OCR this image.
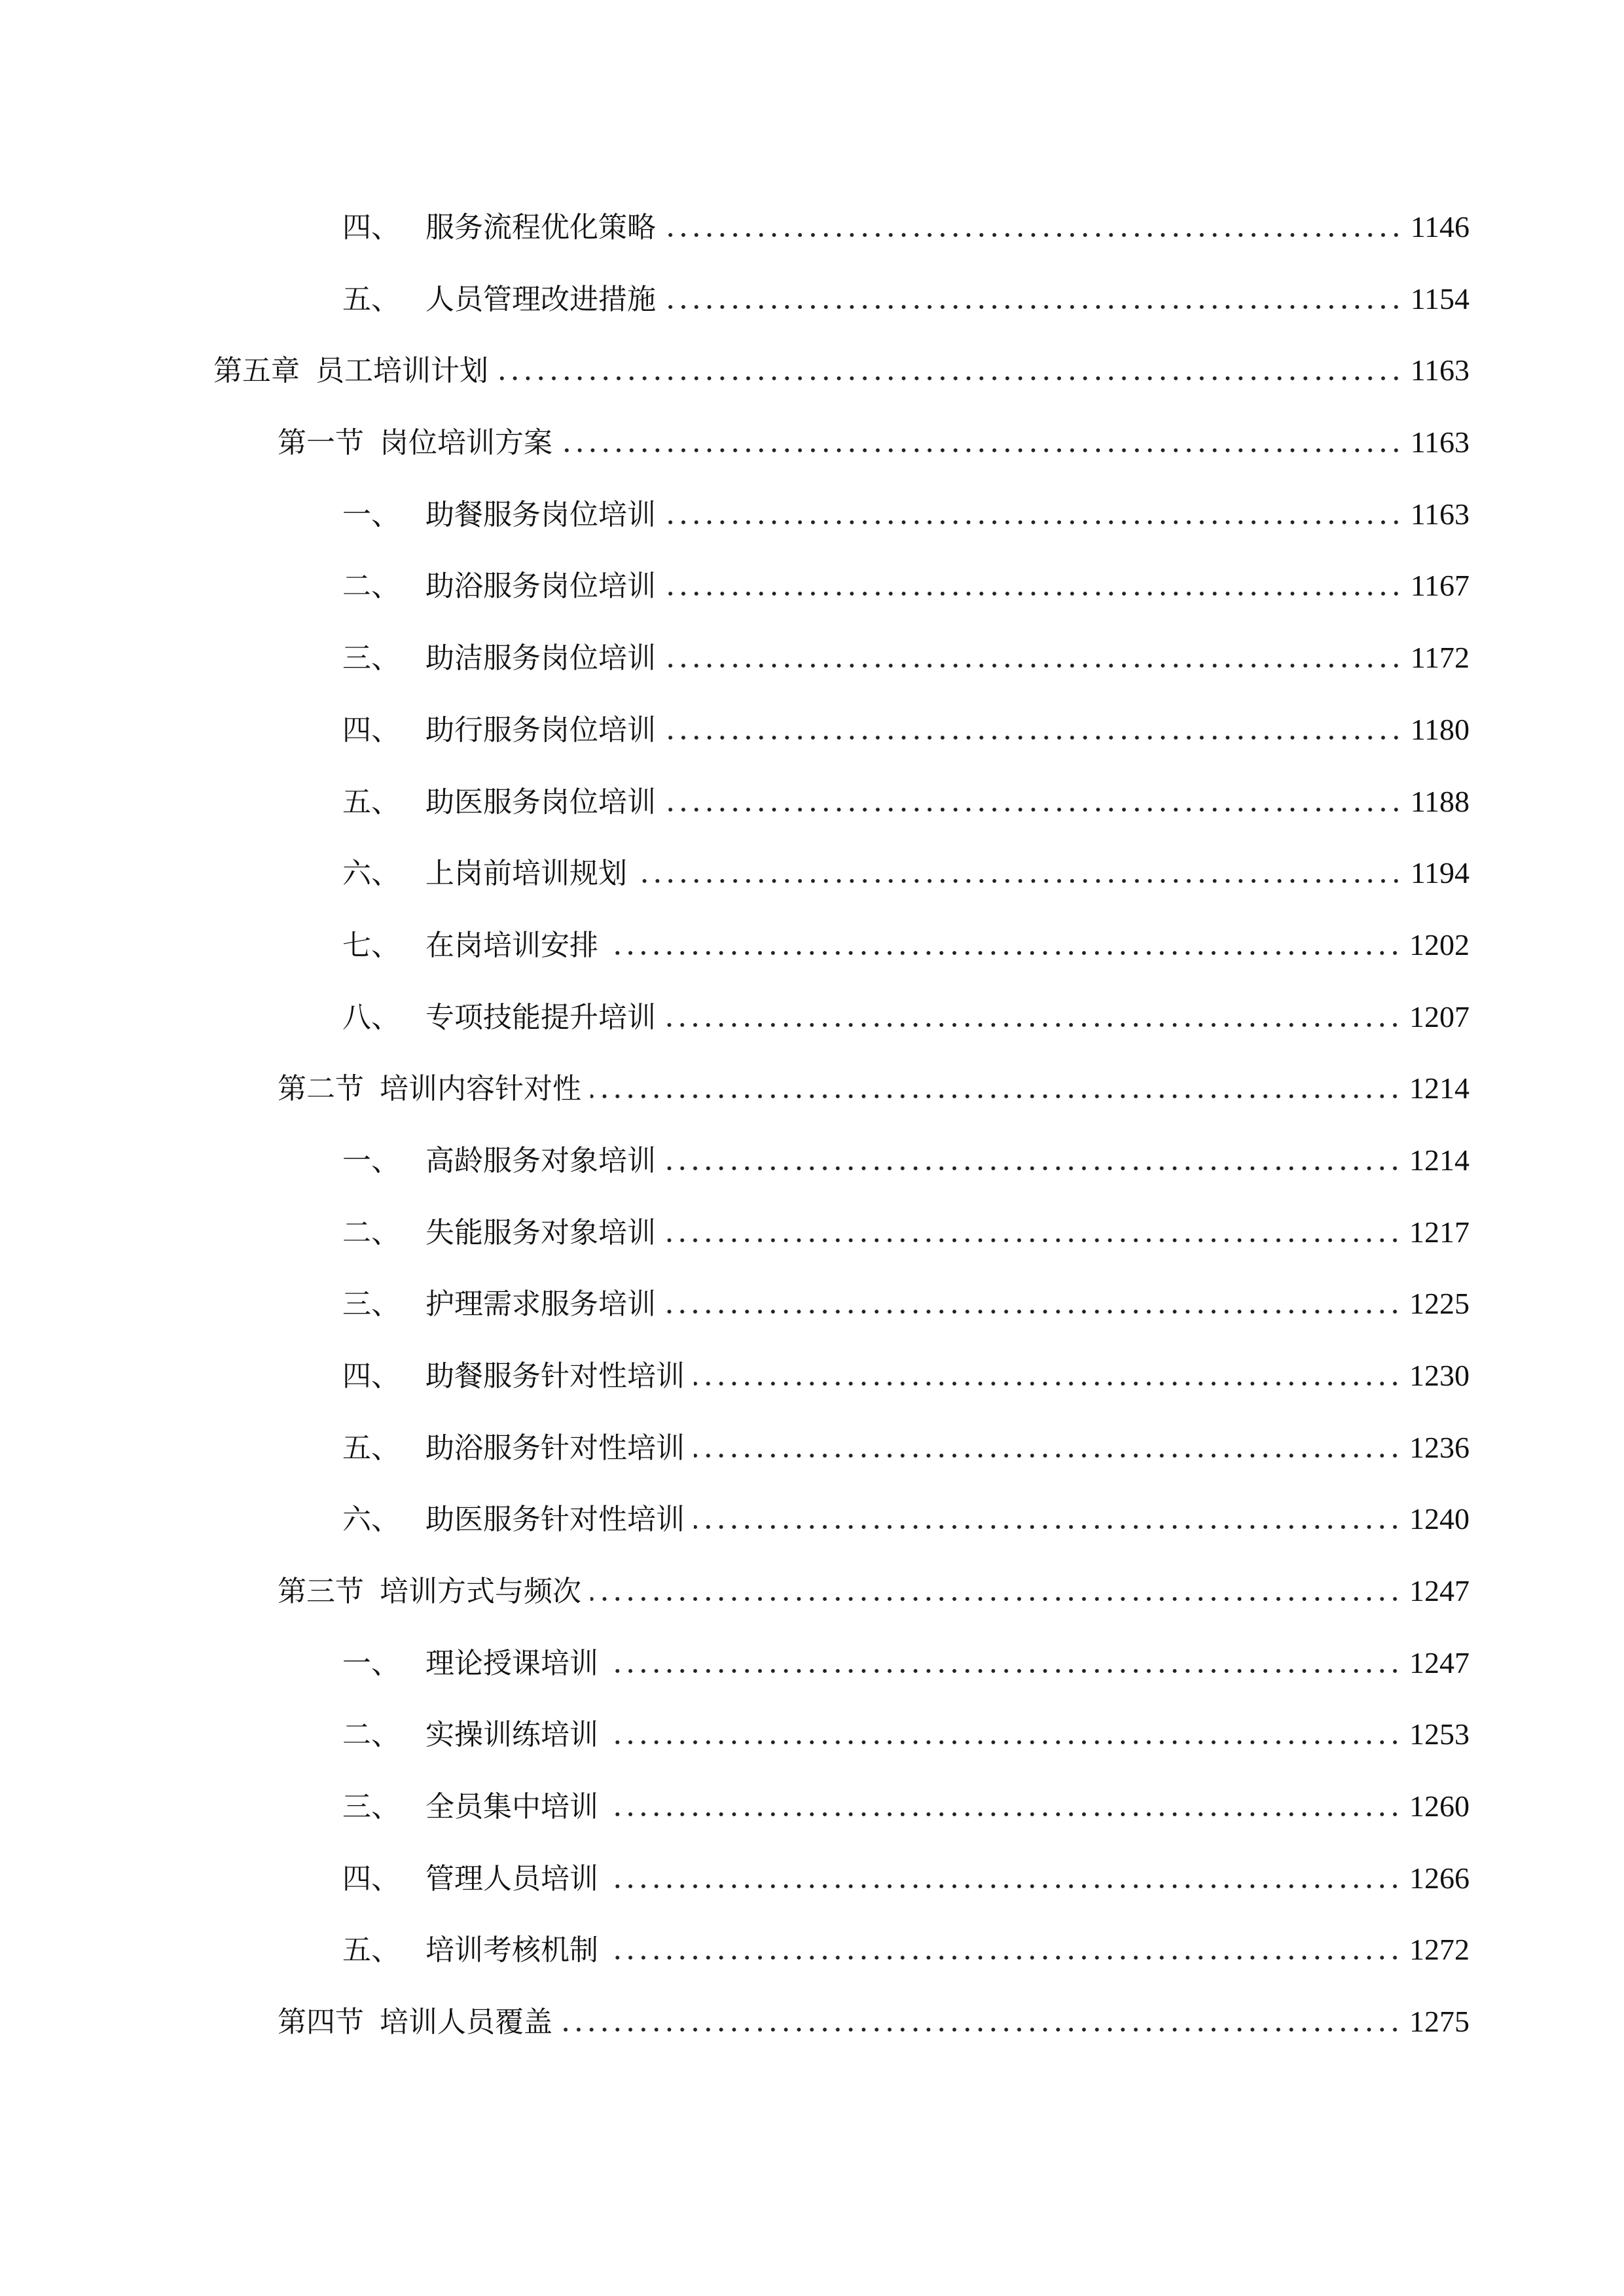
四、 服务流程优化策略	1146
五、 人员管理改进措施	1154
第五章 员工培训计划	1163
第一节 岗位培训方案	1163
一、 助餐服务岗位培训	1163
二、 助浴服务岗位培训	1167
三、 助洁服务岗位培训	1172
四、 助行服务岗位培训	1180
五、 助医服务岗位培训	1188
六、 上岗前培训规划	1194
七、 在岗培训安排	1202
八、 专项技能提升培训	1207
第二节 培训内容针对性	1214
一、 高龄服务对象培训	1214
二、 失能服务对象培训	1217
三、 护理需求服务培训	1225
四、 助餐服务针对性培训	1230
五、 助浴服务针对性培训	1236
六、 助医服务针对性培训	1240
第三节 培训方式与频次	1247
一、 理论授课培训	1247
二、 实操训练培训	1253
三、 全员集中培训	1260
四、 管理人员培训	1266
五、 培训考核机制	1272
第四节 培训人员覆盖	1275
